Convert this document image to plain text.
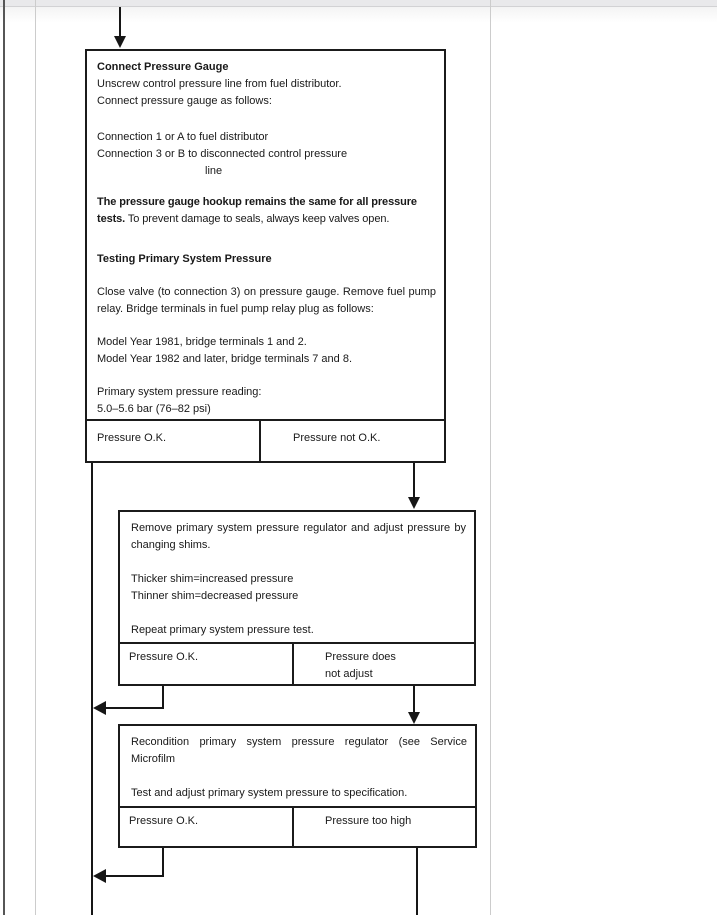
Connect Pressure Gauge

Unscrew control pressure line from fuel distributor.
Connect pressure gauge as follows:

Connection 1 or A to fuel distributor
Connection 3 or B to disconnected control pressure
line

The pressure gauge hookup remains the same for all pressure tests. To prevent damage to seals, always keep valves open.

Testing Primary System Pressure

Close valve (to connection 3) on pressure gauge. Remove fuel pump relay. Bridge terminals in fuel pump relay plug as follows:

Model Year 1981, bridge terminals 1 and 2.
Model Year 1982 and later, bridge terminals 7 and 8.

Primary system pressure reading:
5.0–5.6 bar (76–82 psi)

Pressure O.K.	Pressure not O.K.

Remove primary system pressure regulator and adjust pressure by changing shims.

Thicker shim=increased pressure
Thinner shim=decreased pressure

Repeat primary system pressure test.

Pressure O.K.	Pressure does
not adjust

Recondition primary system pressure regulator (see Service Microfilm

Test and adjust primary system pressure to specification.

Pressure O.K.	Pressure too high
